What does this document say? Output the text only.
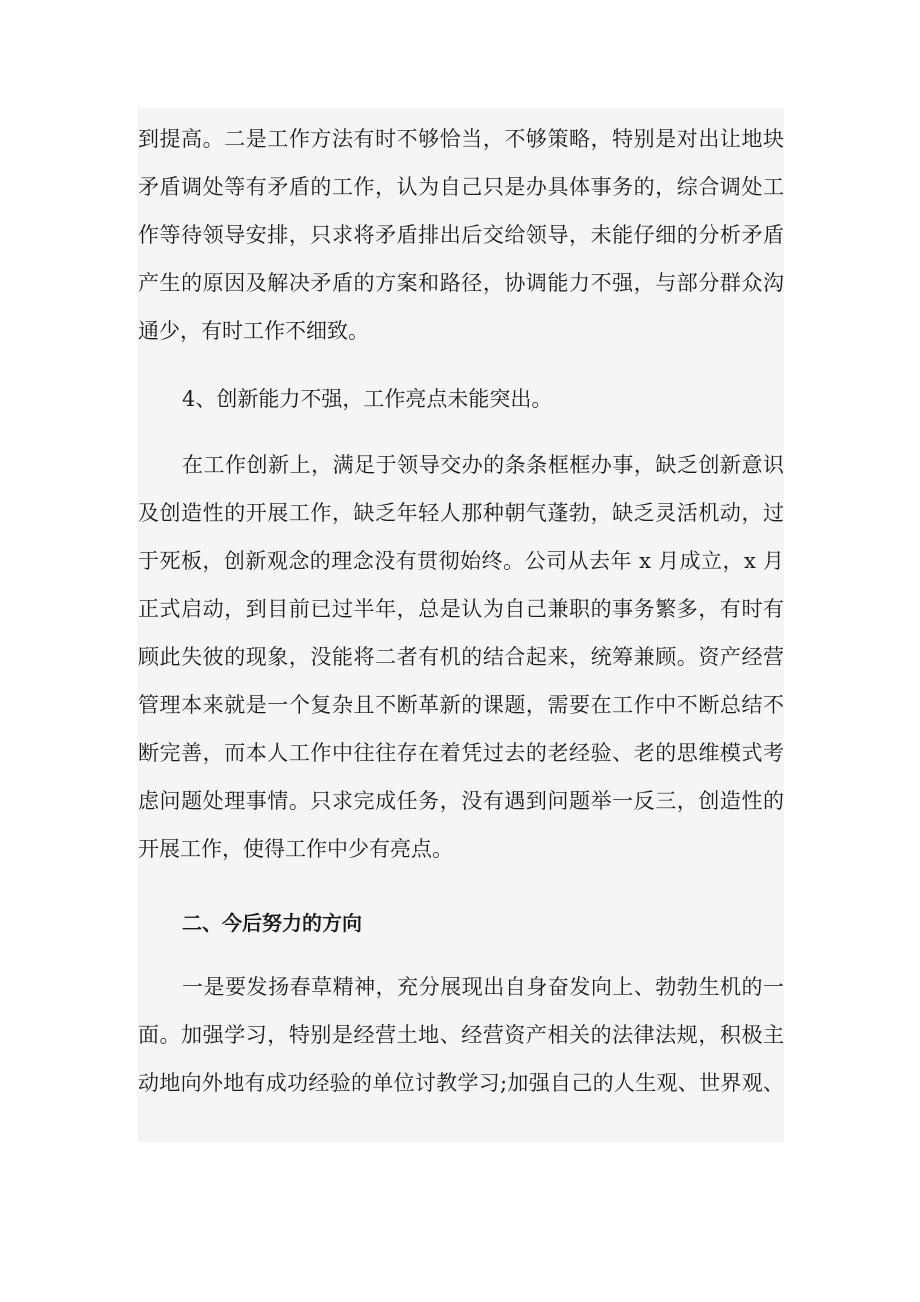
到提高。二是工作方法有时不够恰当，不够策略，特别是对出让地块
矛盾调处等有矛盾的工作，认为自己只是办具体事务的，综合调处工
作等待领导安排，只求将矛盾排出后交给领导，未能仔细的分析矛盾
产生的原因及解决矛盾的方案和路径，协调能力不强，与部分群众沟
通少，有时工作不细致。
4、创新能力不强，工作亮点未能突出。
在工作创新上，满足于领导交办的条条框框办事，缺乏创新意识
及创造性的开展工作，缺乏年轻人那种朝气蓬勃，缺乏灵活机动，过
于死板，创新观念的理念没有贯彻始终。公司从去年 x 月成立，x 月
正式启动，到目前已过半年，总是认为自己兼职的事务繁多，有时有
顾此失彼的现象，没能将二者有机的结合起来，统筹兼顾。资产经营
管理本来就是一个复杂且不断革新的课题，需要在工作中不断总结不
断完善，而本人工作中往往存在着凭过去的老经验、老的思维模式考
虑问题处理事情。只求完成任务，没有遇到问题举一反三，创造性的
开展工作，使得工作中少有亮点。
二、今后努力的方向
一是要发扬春草精神，充分展现出自身奋发向上、勃勃生机的一
面。加强学习，特别是经营土地、经营资产相关的法律法规，积极主
动地向外地有成功经验的单位讨教学习;加强自己的人生观、世界观、
